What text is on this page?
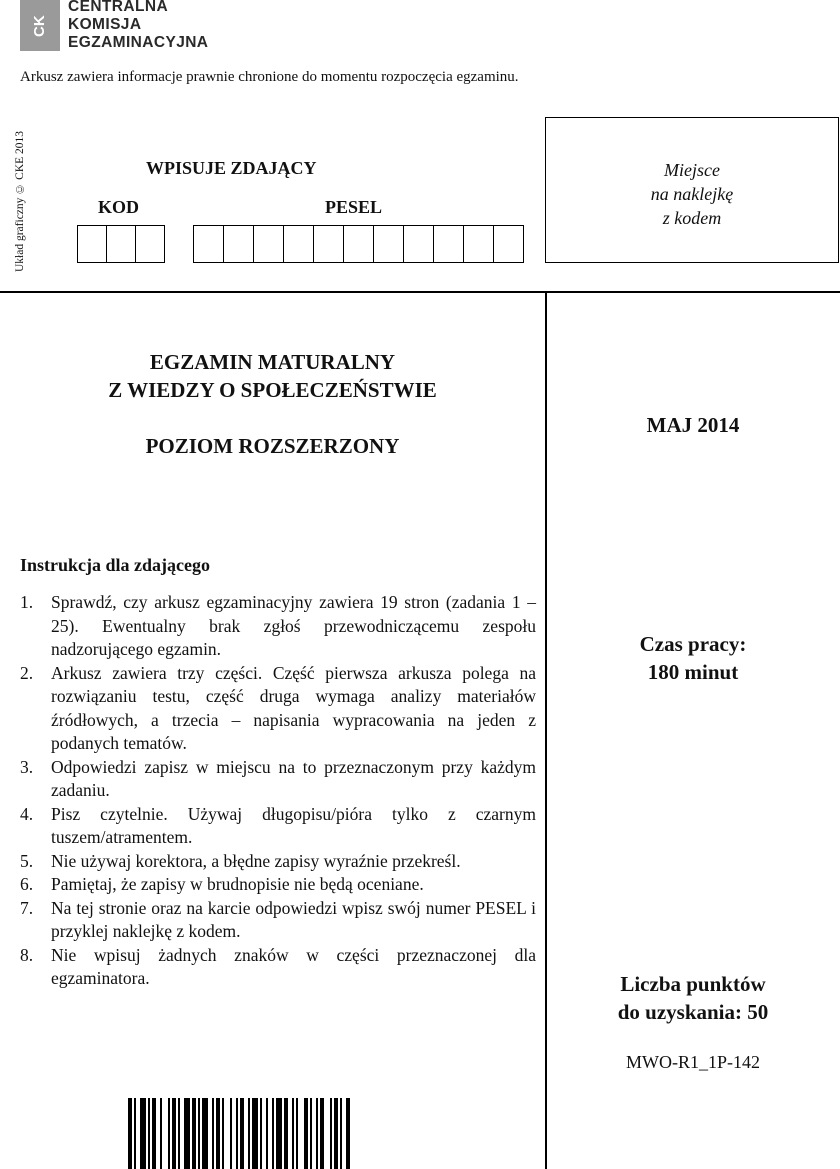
CK
CENTRALNA
KOMISJA
EGZAMINACYJNA
Arkusz zawiera informacje prawnie chronione do momentu rozpoczęcia egzaminu.
Układ graficzny © CKE 2013	WPISUJE ZDAJĄCY
KOD	PESEL
Miejsce
na naklejkę
z kodem
EGZAMIN MATURALNY
Z WIEDZY O SPOŁECZEŃSTWIE
POZIOM ROZSZERZONY
MAJ 2014
Instrukcja dla zdającego
1. Sprawdź, czy arkusz egzaminacyjny zawiera 19 stron (zadania 1 – 25). Ewentualny brak zgłoś przewodniczącemu zespołu nadzorującego egzamin.
2. Arkusz zawiera trzy części. Część pierwsza arkusza polega na rozwiązaniu testu, część druga wymaga analizy materiałów źródłowych, a trzecia – napisania wypracowania na jeden z podanych tematów.
3. Odpowiedzi zapisz w miejscu na to przeznaczonym przy każdym zadaniu.
4. Pisz czytelnie. Używaj długopisu/pióra tylko z czarnym tuszem/atramentem.
5. Nie używaj korektora, a błędne zapisy wyraźnie przekreśl.
6. Pamiętaj, że zapisy w brudnopisie nie będą oceniane.
7. Na tej stronie oraz na karcie odpowiedzi wpisz swój numer PESEL i przyklej naklejkę z kodem.
8. Nie wpisuj żadnych znaków w części przeznaczonej dla egzaminatora.
Czas pracy:
180 minut
Liczba punktów
do uzyskania: 50
MWO-R1_1P-142
